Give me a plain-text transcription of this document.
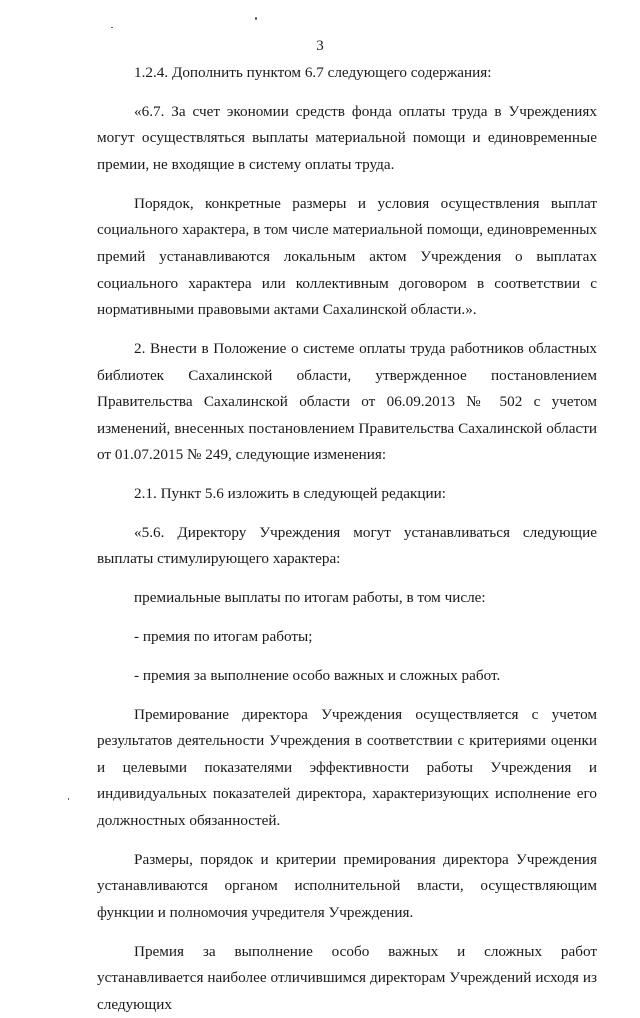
3

1.2.4. Дополнить пунктом 6.7 следующего содержания:

«6.7. За счет экономии средств фонда оплаты труда в Учреждениях могут осуществляться выплаты материальной помощи и единовременные премии, не входящие в систему оплаты труда.

Порядок, конкретные размеры и условия осуществления выплат социального характера, в том числе материальной помощи, единовременных премий устанавливаются локальным актом Учреждения о выплатах социального характера или коллективным договором в соответствии с нормативными правовыми актами Сахалинской области.».

2. Внести в Положение о системе оплаты труда работников областных библиотек Сахалинской области, утвержденное постановлением Правительства Сахалинской области от 06.09.2013 № 502 с учетом изменений, внесенных постановлением Правительства Сахалинской области от 01.07.2015 № 249, следующие изменения:

2.1. Пункт 5.6 изложить в следующей редакции:

«5.6. Директору Учреждения могут устанавливаться следующие выплаты стимулирующего характера:

премиальные выплаты по итогам работы, в том числе:

- премия по итогам работы;

- премия за выполнение особо важных и сложных работ.

Премирование директора Учреждения осуществляется с учетом результатов деятельности Учреждения в соответствии с критериями оценки и целевыми показателями эффективности работы Учреждения и индивидуальных показателей директора, характеризующих исполнение его должностных обязанностей.

Размеры, порядок и критерии премирования директора Учреждения устанавливаются органом исполнительной власти, осуществляющим функции и полномочия учредителя Учреждения.

Премия за выполнение особо важных и сложных работ устанавливается наиболее отличившимся директорам Учреждений исходя из следующих
